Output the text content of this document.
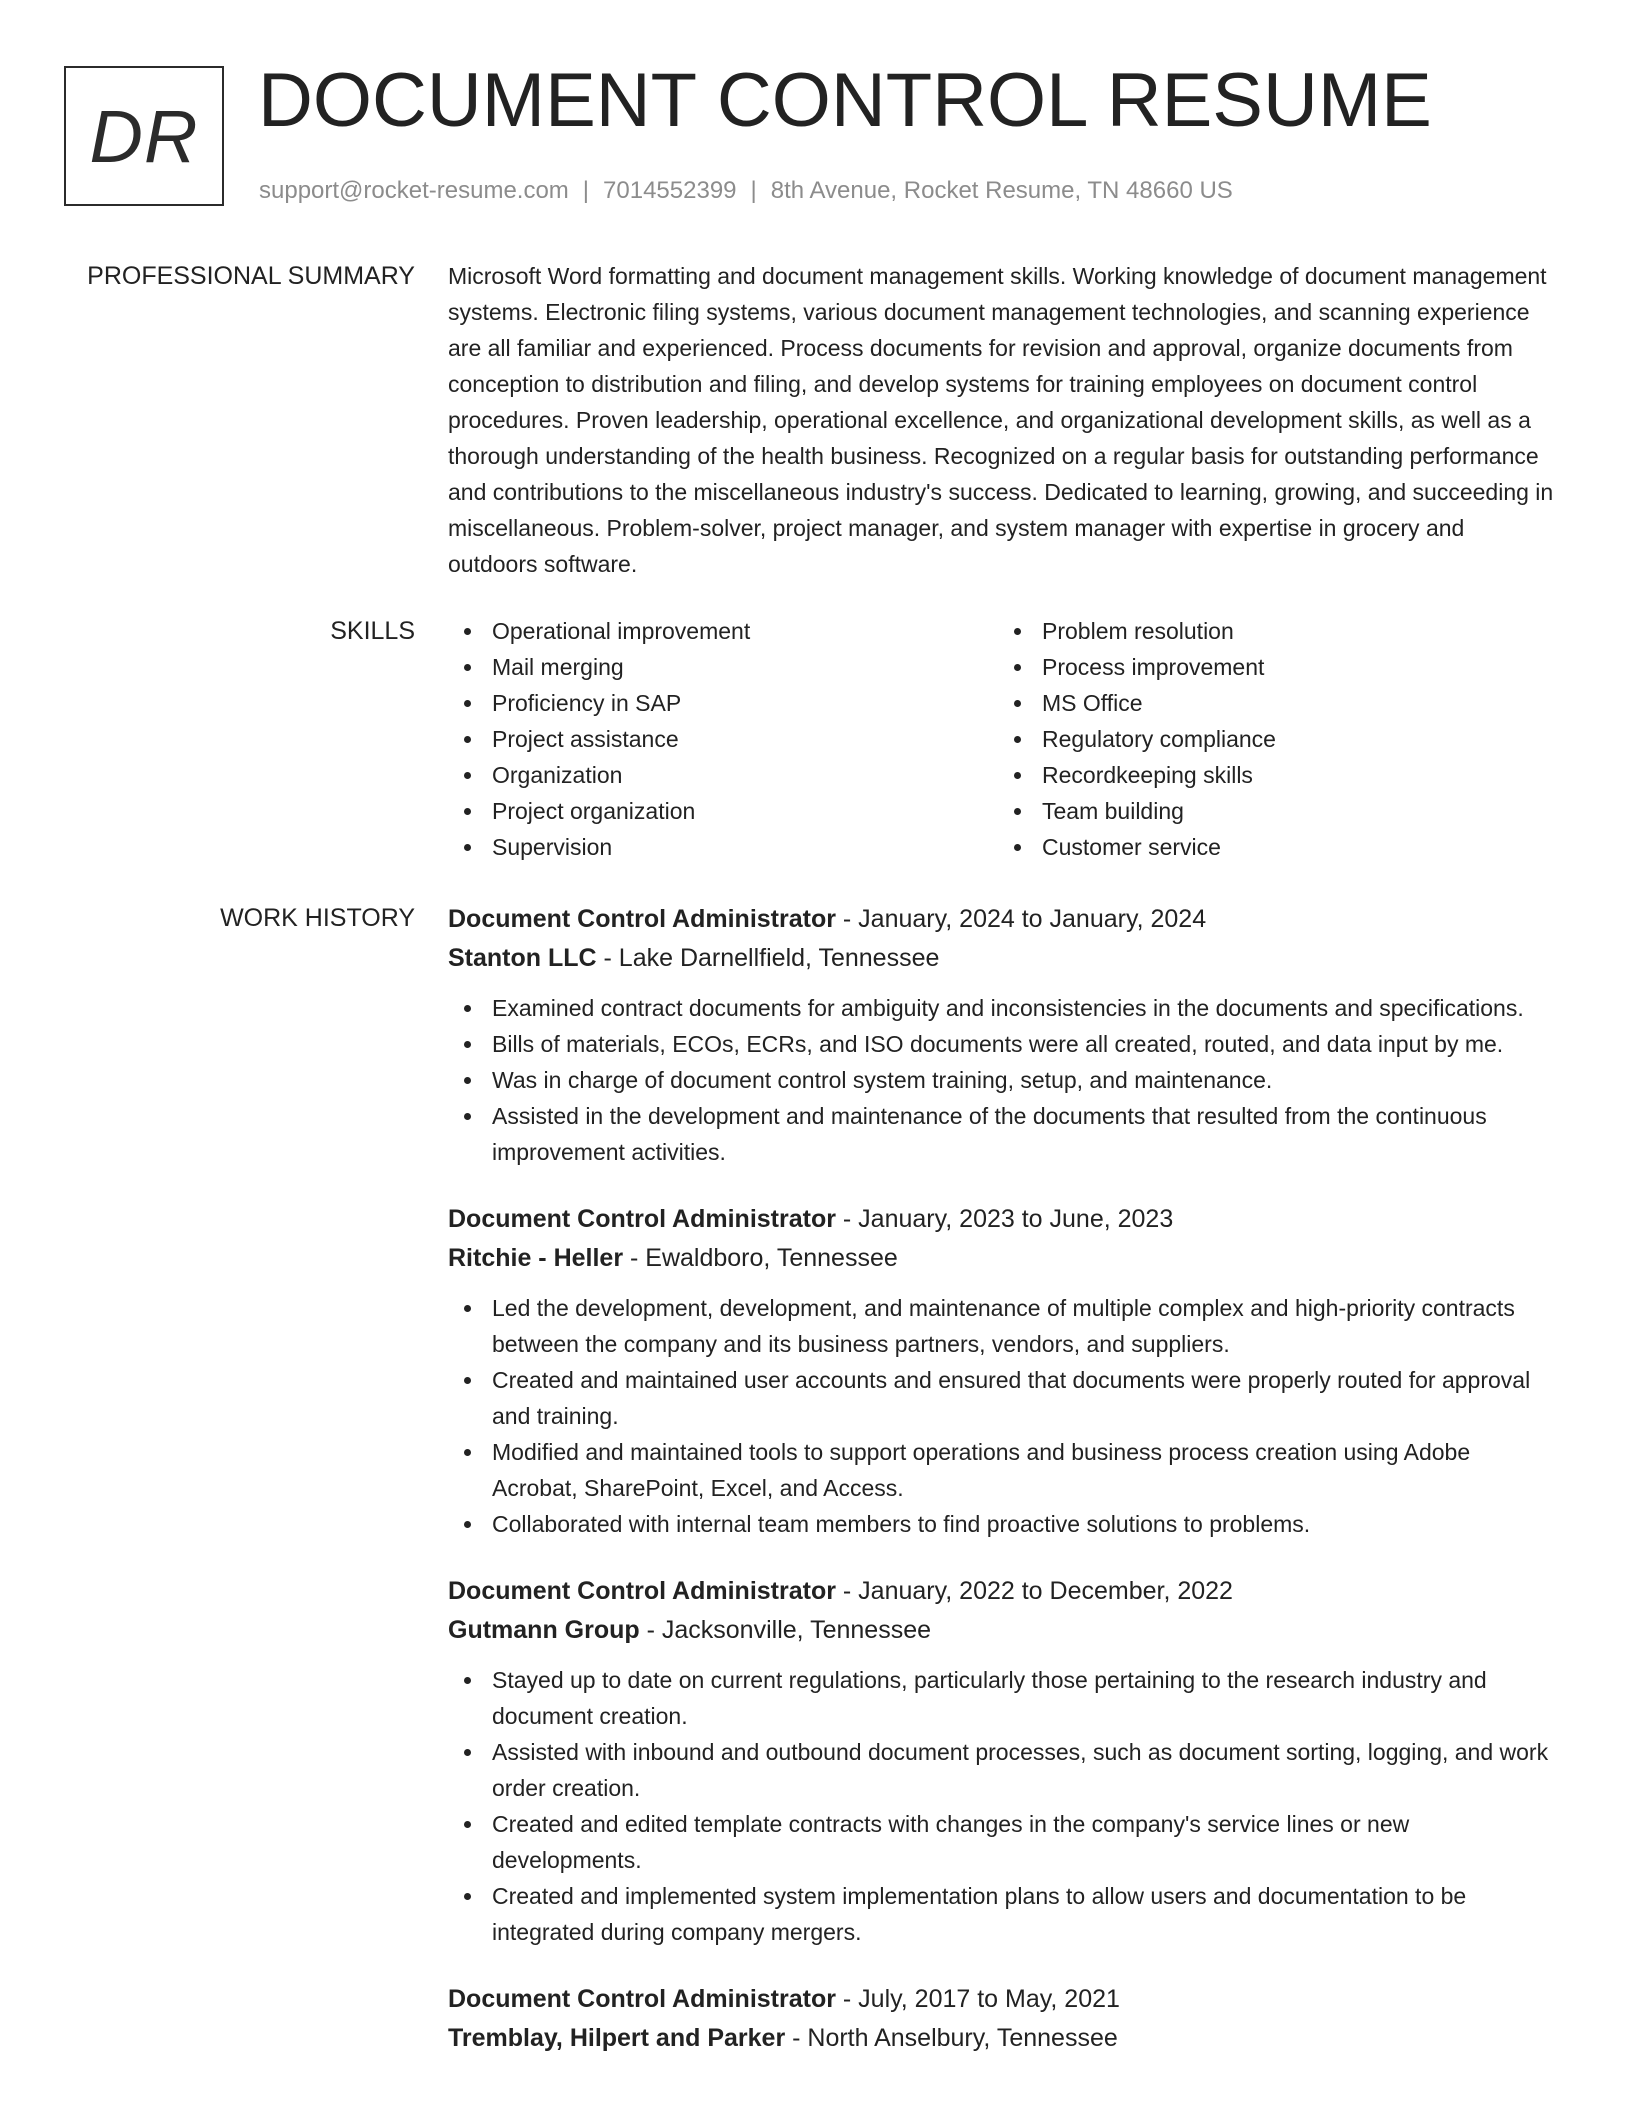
DR DOCUMENT CONTROL RESUME
support@rocket-resume.com | 7014552399 | 8th Avenue, Rocket Resume, TN 48660 US
PROFESSIONAL SUMMARY Microsoft Word formatting and document management skills. Working knowledge of document management systems. Electronic filing systems, various document management technologies, and scanning experience are all familiar and experienced. Process documents for revision and approval, organize documents from conception to distribution and filing, and develop systems for training employees on document control procedures. Proven leadership, operational excellence, and organizational development skills, as well as a thorough understanding of the health business. Recognized on a regular basis for outstanding performance and contributions to the miscellaneous industry's success. Dedicated to learning, growing, and succeeding in miscellaneous. Problem-solver, project manager, and system manager with expertise in grocery and outdoors software.

SKILLS	Operational improvement
Mail merging
Proficiency in SAP
Project assistance
Organization
Project organization
Supervision
Problem resolution
Process improvement
MS Office
Regulatory compliance
Recordkeeping skills
Team building
Customer service
WORK HISTORY Document Control Administrator - January, 2024 to January, 2024
Stanton LLC - Lake Darnellfield, Tennessee
Examined contract documents for ambiguity and inconsistencies in the documents and specifications.
Bills of materials, ECOs, ECRs, and ISO documents were all created, routed, and data input by me.
Was in charge of document control system training, setup, and maintenance.
Assisted in the development and maintenance of the documents that resulted from the continuous improvement activities.
Document Control Administrator - January, 2023 to June, 2023
Ritchie - Heller - Ewaldboro, Tennessee
Led the development, development, and maintenance of multiple complex and high-priority contracts between the company and its business partners, vendors, and suppliers.
Created and maintained user accounts and ensured that documents were properly routed for approval and training.
Modified and maintained tools to support operations and business process creation using Adobe Acrobat, SharePoint, Excel, and Access.
Collaborated with internal team members to find proactive solutions to problems.
Document Control Administrator - January, 2022 to December, 2022
Gutmann Group - Jacksonville, Tennessee
Stayed up to date on current regulations, particularly those pertaining to the research industry and document creation.
Assisted with inbound and outbound document processes, such as document sorting, logging, and work order creation.
Created and edited template contracts with changes in the company's service lines or new developments.
Created and implemented system implementation plans to allow users and documentation to be integrated during company mergers.
Document Control Administrator - July, 2017 to May, 2021
Tremblay, Hilpert and Parker - North Anselbury, Tennessee
